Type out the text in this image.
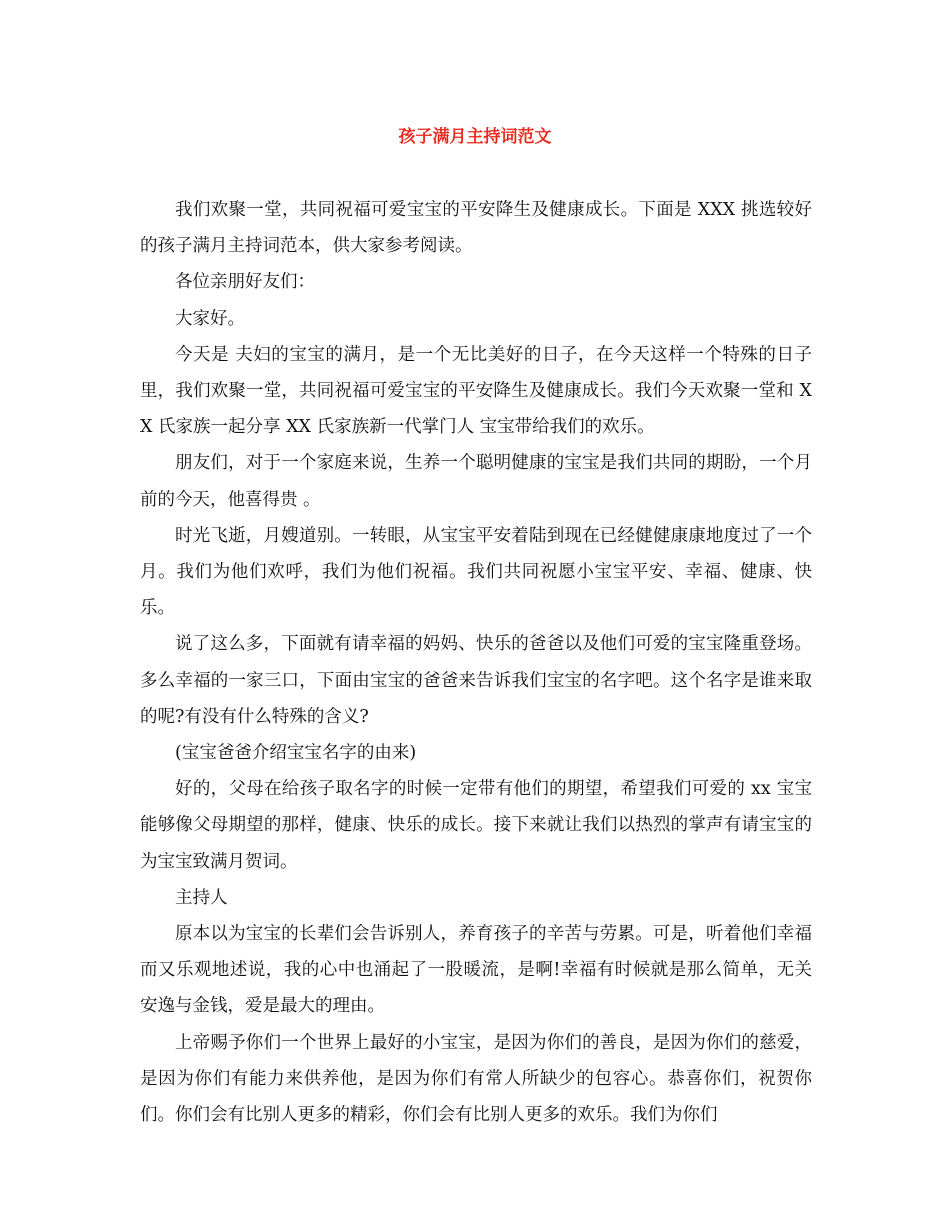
孩子满月主持词范文

我们欢聚一堂，共同祝福可爱宝宝的平安降生及健康成长。下面是 XXX 挑选较好的孩子满月主持词范本，供大家参考阅读。

各位亲朋好友们：

大家好。

今天是 夫妇的宝宝的满月，是一个无比美好的日子，在今天这样一个特殊的日子里，我们欢聚一堂，共同祝福可爱宝宝的平安降生及健康成长。我们今天欢聚一堂和 XX 氏家族一起分享 XX 氏家族新一代掌门人 宝宝带给我们的欢乐。

朋友们，对于一个家庭来说，生养一个聪明健康的宝宝是我们共同的期盼，一个月前的今天，他喜得贵 。

时光飞逝，月嫂道别。一转眼，从宝宝平安着陆到现在已经健健康康地度过了一个月。我们为他们欢呼，我们为他们祝福。我们共同祝愿小宝宝平安、幸福、健康、快乐。

说了这么多，下面就有请幸福的妈妈、快乐的爸爸以及他们可爱的宝宝隆重登场。多么幸福的一家三口，下面由宝宝的爸爸来告诉我们宝宝的名字吧。这个名字是谁来取的呢?有没有什么特殊的含义?

(宝宝爸爸介绍宝宝名字的由来)

好的，父母在给孩子取名字的时候一定带有他们的期望，希望我们可爱的 xx 宝宝能够像父母期望的那样，健康、快乐的成长。接下来就让我们以热烈的掌声有请宝宝的 为宝宝致满月贺词。

主持人

原本以为宝宝的长辈们会告诉别人，养育孩子的辛苦与劳累。可是，听着他们幸福而又乐观地述说，我的心中也涌起了一股暖流，是啊!幸福有时候就是那么简单，无关安逸与金钱，爱是最大的理由。

上帝赐予你们一个世界上最好的小宝宝，是因为你们的善良，是因为你们的慈爱，是因为你们有能力来供养他，是因为你们有常人所缺少的包容心。恭喜你们，祝贺你们。你们会有比别人更多的精彩，你们会有比别人更多的欢乐。我们为你们
